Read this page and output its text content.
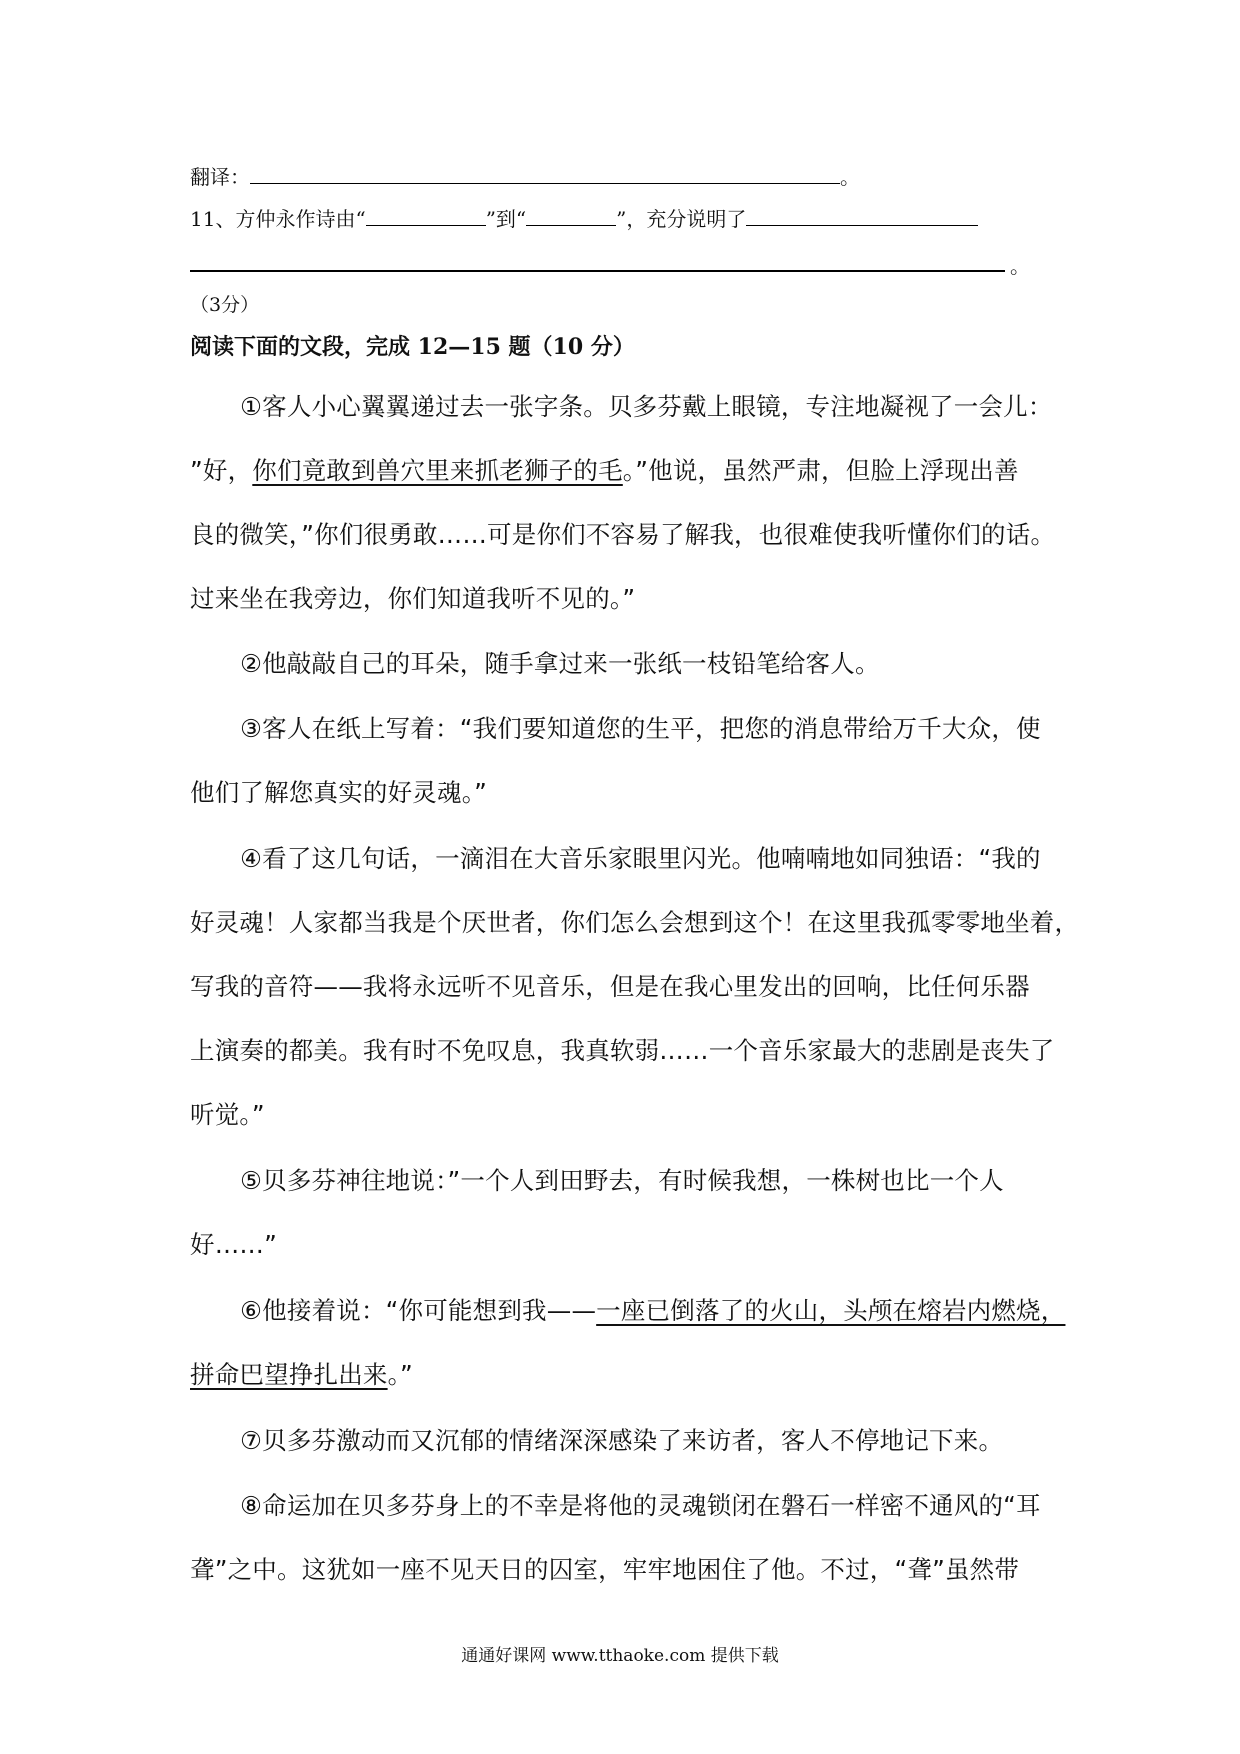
翻译：	。
11、方仲永作诗由“	”到“	”，充分说明了
。
（3分）
阅读下面的文段，完成 12—15 题（10 分）
①客人小心翼翼递过去一张字条。贝多芬戴上眼镜，专注地凝视了一会儿：
”好，你们竟敢到兽穴里来抓老狮子的毛。”他说，虽然严肃，但脸上浮现出善
良的微笑，”你们很勇敢……可是你们不容易了解我，也很难使我听懂你们的话。
过来坐在我旁边，你们知道我听不见的。”
②他敲敲自己的耳朵，随手拿过来一张纸一枝铅笔给客人。
③客人在纸上写着：“我们要知道您的生平，把您的消息带给万千大众，使
他们了解您真实的好灵魂。”
④看了这几句话，一滴泪在大音乐家眼里闪光。他喃喃地如同独语：“我的
好灵魂！人家都当我是个厌世者，你们怎么会想到这个！在这里我孤零零地坐着，
写我的音符——我将永远听不见音乐，但是在我心里发出的回响，比任何乐器
上演奏的都美。我有时不免叹息，我真软弱……一个音乐家最大的悲剧是丧失了
听觉。”
⑤贝多芬神往地说：”一个人到田野去，有时候我想，一株树也比一个人
好……”
⑥他接着说：“你可能想到我——一座已倒落了的火山，头颅在熔岩内燃烧，
拼命巴望挣扎出来。”
⑦贝多芬激动而又沉郁的情绪深深感染了来访者，客人不停地记下来。
⑧命运加在贝多芬身上的不幸是将他的灵魂锁闭在磐石一样密不通风的“耳
聋”之中。这犹如一座不见天日的囚室，牢牢地困住了他。不过，“聋”虽然带
通通好课网 www.tthaoke.com 提供下载
